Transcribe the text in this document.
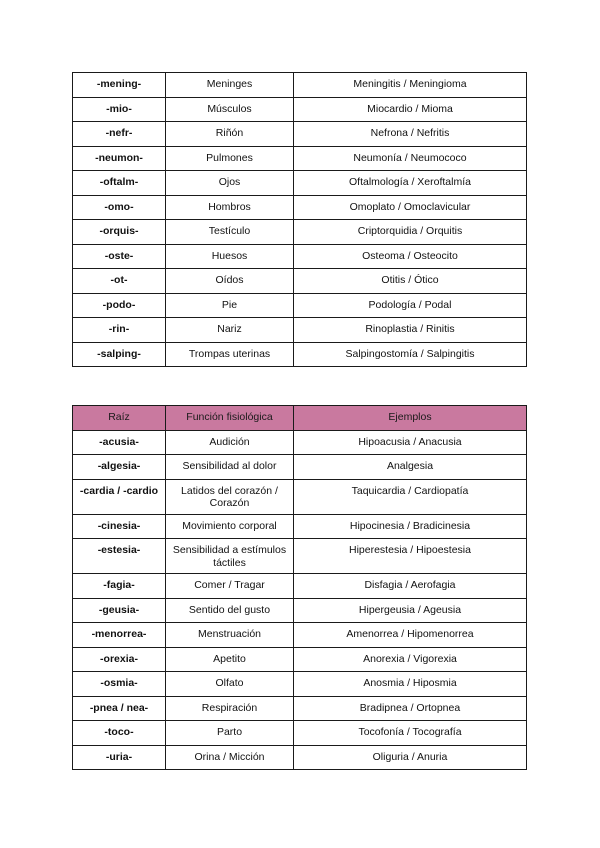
-mening-	Meninges	Meningitis / Meningioma
-mio-	Músculos	Miocardio / Mioma
-nefr-	Riñón	Nefrona / Nefritis
-neumon-	Pulmones	Neumonía / Neumococo
-oftalm-	Ojos	Oftalmología / Xeroftalmía
-omo-	Hombros	Omoplato / Omoclavicular
-orquis-	Testículo	Criptorquidia / Orquitis
-oste-	Huesos	Osteoma / Osteocito
-ot-	Oídos	Otitis / Ótico
-podo-	Pie	Podología / Podal
-rin-	Nariz	Rinoplastia / Rinitis
-salping-	Trompas uterinas	Salpingostomía / Salpingitis
Raíz	Función fisiológica	Ejemplos
-acusia-	Audición	Hipoacusia / Anacusia
-algesia-	Sensibilidad al dolor	Analgesia
-cardia / -cardio	Latidos del corazón / Corazón	Taquicardia / Cardiopatía
-cinesia-	Movimiento corporal	Hipocinesia / Bradicinesia
-estesia-	Sensibilidad a estímulos táctiles	Hiperestesia / Hipoestesia
-fagia-	Comer / Tragar	Disfagia / Aerofagia
-geusia-	Sentido del gusto	Hipergeusia / Ageusia
-menorrea-	Menstruación	Amenorrea / Hipomenorrea
-orexia-	Apetito	Anorexia / Vigorexia
-osmia-	Olfato	Anosmia / Hiposmia
-pnea / nea-	Respiración	Bradipnea / Ortopnea
-toco-	Parto	Tocofonía / Tocografía
-uria-	Orina / Micción	Oliguria / Anuria
